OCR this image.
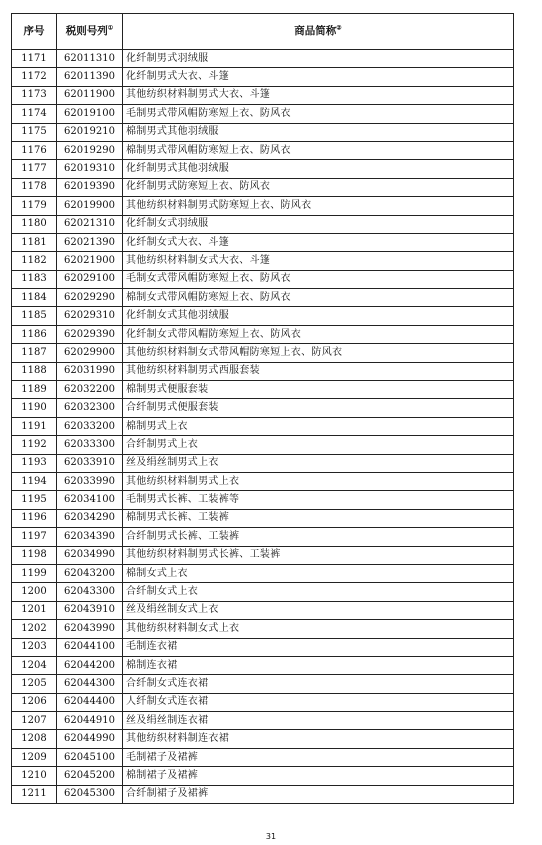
序号	税则号列①	商品简称②
1171	62011310	化纤制男式羽绒服
1172	62011390	化纤制男式大衣、斗篷
1173	62011900	其他纺织材料制男式大衣、斗篷
1174	62019100	毛制男式带风帽防寒短上衣、防风衣
1175	62019210	棉制男式其他羽绒服
1176	62019290	棉制男式带风帽防寒短上衣、防风衣
1177	62019310	化纤制男式其他羽绒服
1178	62019390	化纤制男式防寒短上衣、防风衣
1179	62019900	其他纺织材料制男式防寒短上衣、防风衣
1180	62021310	化纤制女式羽绒服
1181	62021390	化纤制女式大衣、斗篷
1182	62021900	其他纺织材料制女式大衣、斗篷
1183	62029100	毛制女式带风帽防寒短上衣、防风衣
1184	62029290	棉制女式带风帽防寒短上衣、防风衣
1185	62029310	化纤制女式其他羽绒服
1186	62029390	化纤制女式带风帽防寒短上衣、防风衣
1187	62029900	其他纺织材料制女式带风帽防寒短上衣、防风衣
1188	62031990	其他纺织材料制男式西服套装
1189	62032200	棉制男式便服套装
1190	62032300	合纤制男式便服套装
1191	62033200	棉制男式上衣
1192	62033300	合纤制男式上衣
1193	62033910	丝及绢丝制男式上衣
1194	62033990	其他纺织材料制男式上衣
1195	62034100	毛制男式长裤、工装裤等
1196	62034290	棉制男式长裤、工装裤
1197	62034390	合纤制男式长裤、工装裤
1198	62034990	其他纺织材料制男式长裤、工装裤
1199	62043200	棉制女式上衣
1200	62043300	合纤制女式上衣
1201	62043910	丝及绢丝制女式上衣
1202	62043990	其他纺织材料制女式上衣
1203	62044100	毛制连衣裙
1204	62044200	棉制连衣裙
1205	62044300	合纤制女式连衣裙
1206	62044400	人纤制女式连衣裙
1207	62044910	丝及绢丝制连衣裙
1208	62044990	其他纺织材料制连衣裙
1209	62045100	毛制裙子及裙裤
1210	62045200	棉制裙子及裙裤
1211	62045300	合纤制裙子及裙裤
31
